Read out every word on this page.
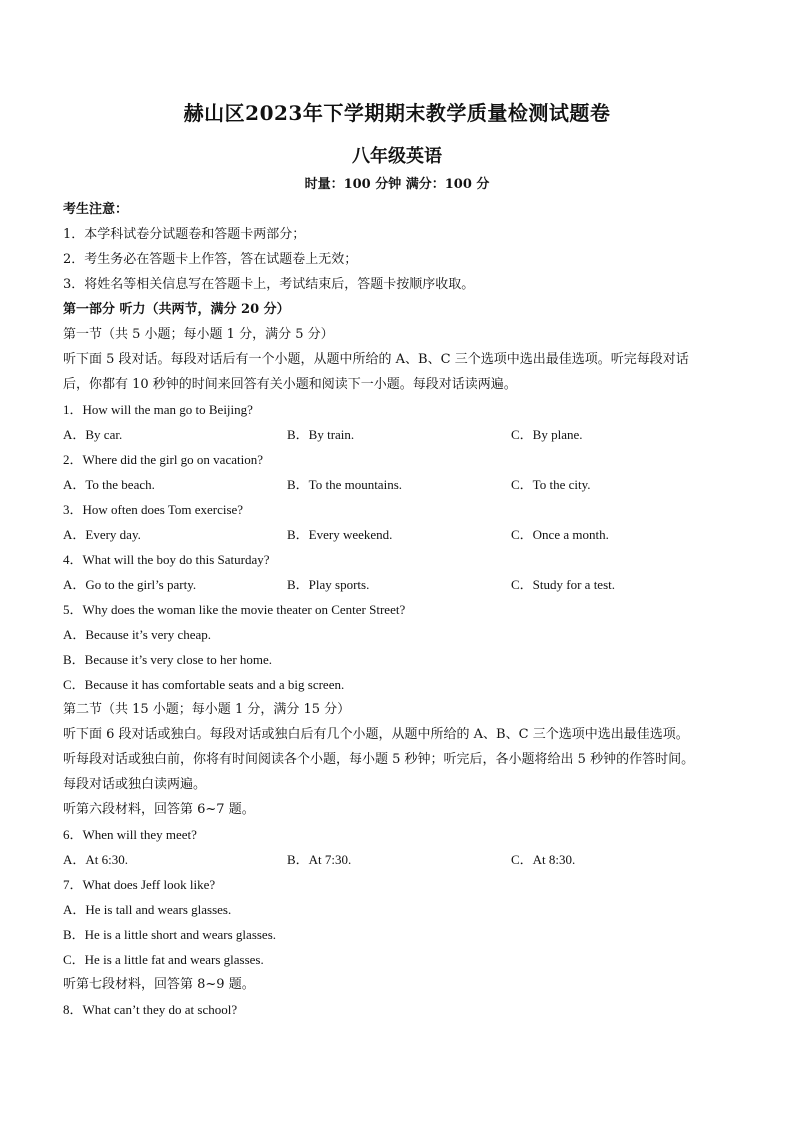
赫山区2023年下学期期末教学质量检测试题卷
八年级英语
时量：100 分钟 满分：100 分
考生注意：
1．本学科试卷分试题卷和答题卡两部分；
2．考生务必在答题卡上作答，答在试题卷上无效；
3．将姓名等相关信息写在答题卡上，考试结束后，答题卡按顺序收取。
第一部分 听力（共两节，满分 20 分）
第一节（共 5 小题；每小题 1 分，满分 5 分）
听下面 5 段对话。每段对话后有一个小题，从题中所给的 A、B、C 三个选项中选出最佳选项。听完每段对话
后，你都有 10 秒钟的时间来回答有关小题和阅读下一小题。每段对话读两遍。
1．How will the man go to Beijing?
A．By car.	B．By train.	C．By plane.
2．Where did the girl go on vacation?
A．To the beach.	B．To the mountains.	C．To the city.
3．How often does Tom exercise?
A．Every day.	B．Every weekend.	C．Once a month.
4．What will the boy do this Saturday?
A．Go to the girl’s party.	B．Play sports.	C．Study for a test.
5．Why does the woman like the movie theater on Center Street?
A．Because it’s very cheap.
B．Because it’s very close to her home.
C．Because it has comfortable seats and a big screen.
第二节（共 15 小题；每小题 1 分，满分 15 分）
听下面 6 段对话或独白。每段对话或独白后有几个小题，从题中所给的 A、B、C 三个选项中选出最佳选项。
听每段对话或独白前，你将有时间阅读各个小题，每小题 5 秒钟；听完后，各小题将给出 5 秒钟的作答时间。
每段对话或独白读两遍。
听第六段材料，回答第 6~7 题。
6．When will they meet?
A．At 6:30.	B．At 7:30.	C．At 8:30.
7．What does Jeff look like?
A．He is tall and wears glasses.
B．He is a little short and wears glasses.
C．He is a little fat and wears glasses.
听第七段材料，回答第 8~9 题。
8．What can’t they do at school?
